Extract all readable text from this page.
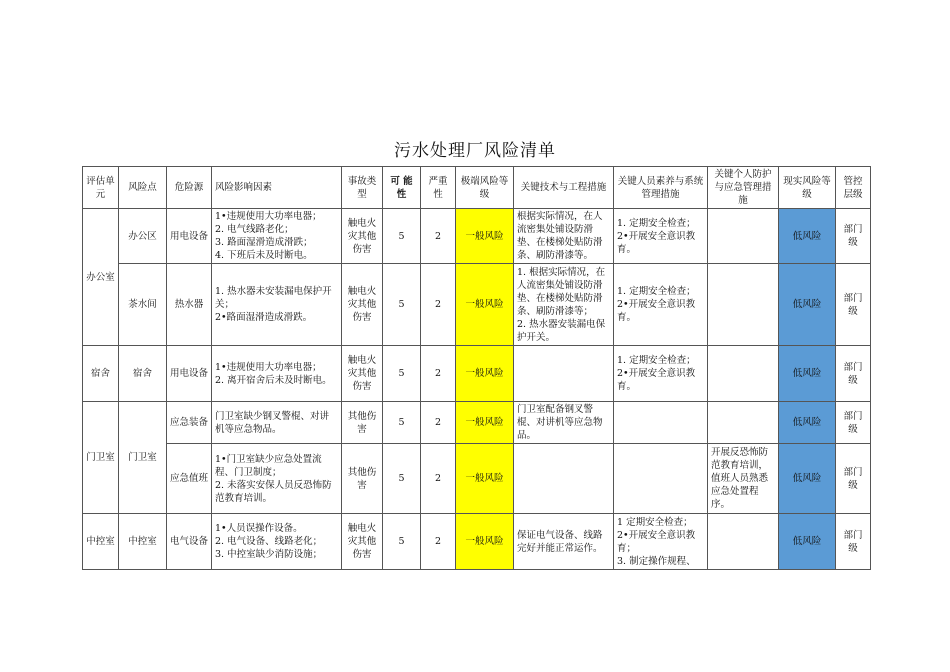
污水处理厂风险清单
评估单元	风险点	危险源	风险影响因素	事故类型	可 能性	严重性	极端风险等级	关键技术与工程措施	关键人员素养与系统管理措施	关键个人防护与应急管理措施	现实风险等级	管控层级
办公室	办公区	用电设备	1•违规使用大功率电器；
2. 电气线路老化；
3. 路面湿滑造成滑跌；
4. 下班后未及时断电。	触电火灾其他伤害	5	2	一般风险	根据实际情况，在人流密集处铺设防滑垫、在楼梯处贴防滑条、刷防滑漆等。	1. 定期安全检查；
2•开展安全意识教育。		低风险	部门级
	茶水间	热水器	1. 热水器未安装漏电保护开关；
2•路面湿滑造成滑跌。	触电火灾其他伤害	5	2	一般风险	1. 根据实际情况，在人流密集处铺设防滑垫、在楼梯处贴防滑条、刷防滑漆等；
2. 热水器安装漏电保护开关。	1. 定期安全检查；
2•开展安全意识教育。		低风险	部门级
宿舍	宿舍	用电设备	1•违规使用大功率电器；
2. 离开宿舍后未及时断电。	触电火灾其他伤害	5	2	一般风险		1. 定期安全检查；
2•开展安全意识教育。		低风险	部门级
门卫室	门卫室	应急装备	门卫室缺少钢叉警棍、对讲机等应急物品。	其他伤害	5	2	一般风险	门卫室配备钢叉警棍、对讲机等应急物品。			低风险	部门级
		应急值班	1•门卫室缺少应急处置流程、门卫制度；
2. 未落实安保人员反恐怖防范教育培训。	其他伤害	5	2	一般风险			开展反恐怖防范教育培训，值班人员熟悉应急处置程序。	低风险	部门级
中控室	中控室	电气设备	1•人员误操作设备。
2. 电气设备、线路老化；
3. 中控室缺少消防设施；	触电火灾其他伤害	5	2	一般风险	保证电气设备、线路完好并能正常运作。	1 定期安全检查；
2•开展安全意识教育；
3. 制定操作规程、		低风险	部门级
